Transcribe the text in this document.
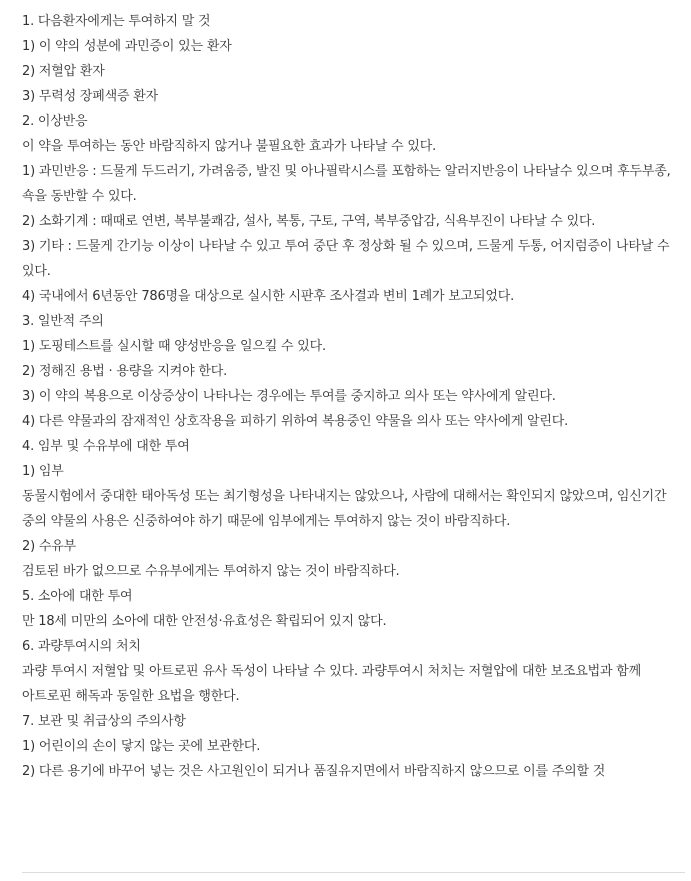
1. 다음환자에게는 투여하지 말 것

1) 이 약의 성분에 과민증이 있는 환자

2) 저혈압 환자

3) 무력성 장폐색증 환자

2. 이상반응

이 약을 투여하는 동안 바람직하지 않거나 불필요한 효과가 나타날 수 있다.

1) 과민반응 : 드물게 두드러기, 가려움증, 발진 및 아나필락시스를 포함하는 알러지반응이 나타날수 있으며 후두부종, 쇽을 동반할 수 있다.

2) 소화기계 : 때때로 연변, 복부불쾌감, 설사, 복통, 구토, 구역, 복부중압감, 식욕부진이 나타날 수 있다.

3) 기타 : 드물게 간기능 이상이 나타날 수 있고 투여 중단 후 정상화 될 수 있으며, 드물게 두통, 어지럼증이 나타날 수 있다.

4) 국내에서 6년동안 786명을 대상으로 실시한 시판후 조사결과 변비 1례가 보고되었다.

3. 일반적 주의

1) 도핑테스트를 실시할 때 양성반응을 일으킬 수 있다.

2) 정해진 용법 · 용량을 지켜야 한다.

3) 이 약의 복용으로 이상증상이 나타나는 경우에는 투여를 중지하고 의사 또는 약사에게 알린다.

4) 다른 약물과의 잠재적인 상호작용을 피하기 위하여 복용중인 약물을 의사 또는 약사에게 알린다.

4. 임부 및 수유부에 대한 투여

1) 임부

동물시험에서 중대한 태아독성 또는 최기형성을 나타내지는 않았으나, 사람에 대해서는 확인되지 않았으며, 임신기간 중의 약물의 사용은 신중하여야 하기 때문에 임부에게는 투여하지 않는 것이 바람직하다.

2) 수유부

검토된 바가 없으므로 수유부에게는 투여하지 않는 것이 바람직하다.

5. 소아에 대한 투여

만 18세 미만의 소아에 대한 안전성·유효성은 확립되어 있지 않다.

6. 과량투여시의 처치

과량 투여시 저혈압 및 아트로핀 유사 독성이 나타날 수 있다. 과량투여시 처치는 저혈압에 대한 보조요법과 함께 아트로핀 해독과 동일한 요법을 행한다.

7. 보관 및 취급상의 주의사항

1) 어린이의 손이 닿지 않는 곳에 보관한다.

2) 다른 용기에 바꾸어 넣는 것은 사고원인이 되거나 품질유지면에서 바람직하지 않으므로 이를 주의할 것
